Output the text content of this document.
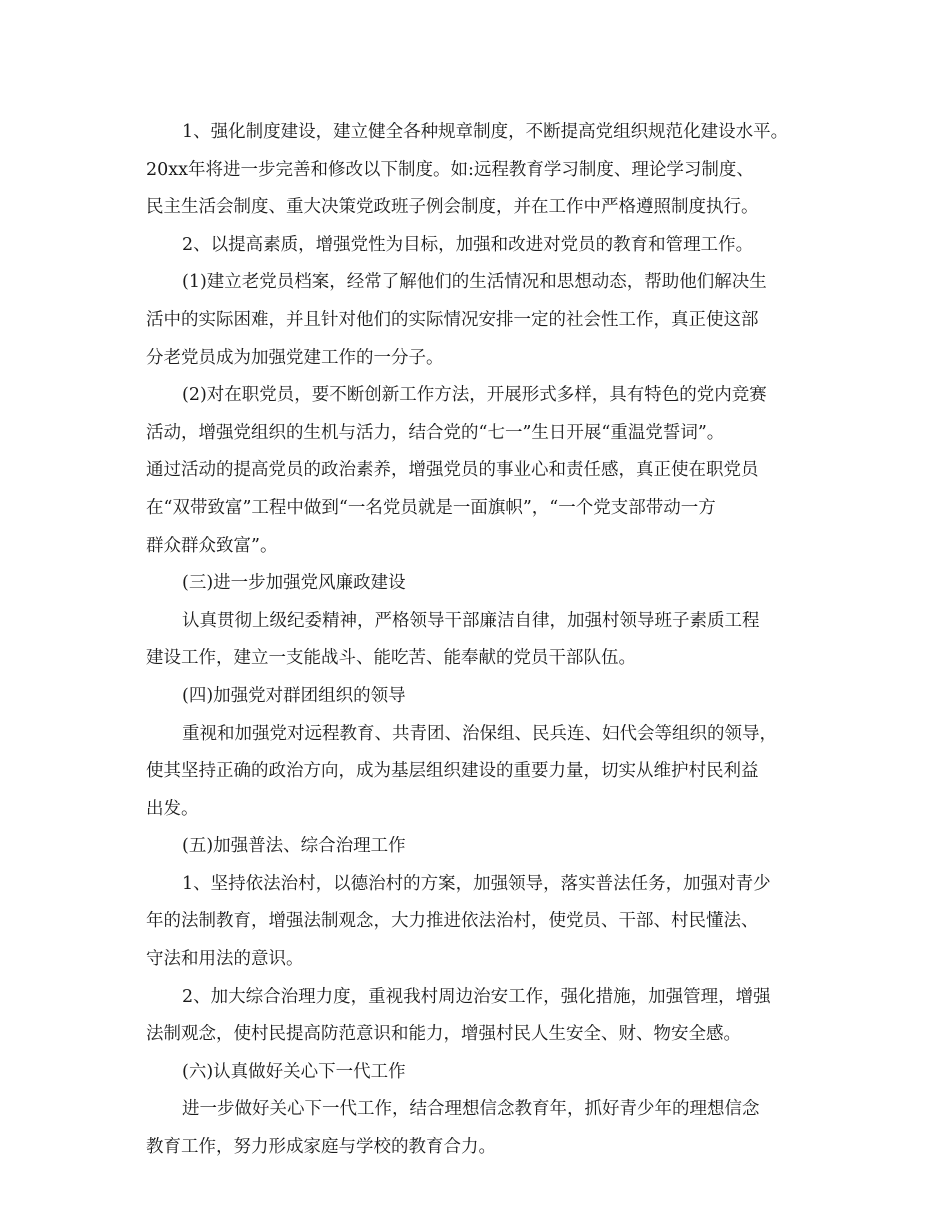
1、强化制度建设，建立健全各种规章制度，不断提高党组织规范化建设水平。
20xx年将进一步完善和修改以下制度。如:远程教育学习制度、理论学习制度、
民主生活会制度、重大决策党政班子例会制度，并在工作中严格遵照制度执行。
2、以提高素质，增强党性为目标，加强和改进对党员的教育和管理工作。
(1)建立老党员档案，经常了解他们的生活情况和思想动态，帮助他们解决生
活中的实际困难，并且针对他们的实际情况安排一定的社会性工作，真正使这部
分老党员成为加强党建工作的一分子。
(2)对在职党员，要不断创新工作方法，开展形式多样，具有特色的党内竞赛
活动，增强党组织的生机与活力，结合党的“七一”生日开展“重温党誓词”。
通过活动的提高党员的政治素养，增强党员的事业心和责任感，真正使在职党员
在“双带致富”工程中做到“一名党员就是一面旗帜”，“一个党支部带动一方
群众群众致富”。
(三)进一步加强党风廉政建设
认真贯彻上级纪委精神，严格领导干部廉洁自律，加强村领导班子素质工程
建设工作，建立一支能战斗、能吃苦、能奉献的党员干部队伍。
(四)加强党对群团组织的领导
重视和加强党对远程教育、共青团、治保组、民兵连、妇代会等组织的领导，
使其坚持正确的政治方向，成为基层组织建设的重要力量，切实从维护村民利益
出发。
(五)加强普法、综合治理工作
1、坚持依法治村，以德治村的方案，加强领导，落实普法任务，加强对青少
年的法制教育，增强法制观念，大力推进依法治村，使党员、干部、村民懂法、
守法和用法的意识。
2、加大综合治理力度，重视我村周边治安工作，强化措施，加强管理，增强
法制观念，使村民提高防范意识和能力，增强村民人生安全、财、物安全感。
(六)认真做好关心下一代工作
进一步做好关心下一代工作，结合理想信念教育年，抓好青少年的理想信念
教育工作，努力形成家庭与学校的教育合力。
